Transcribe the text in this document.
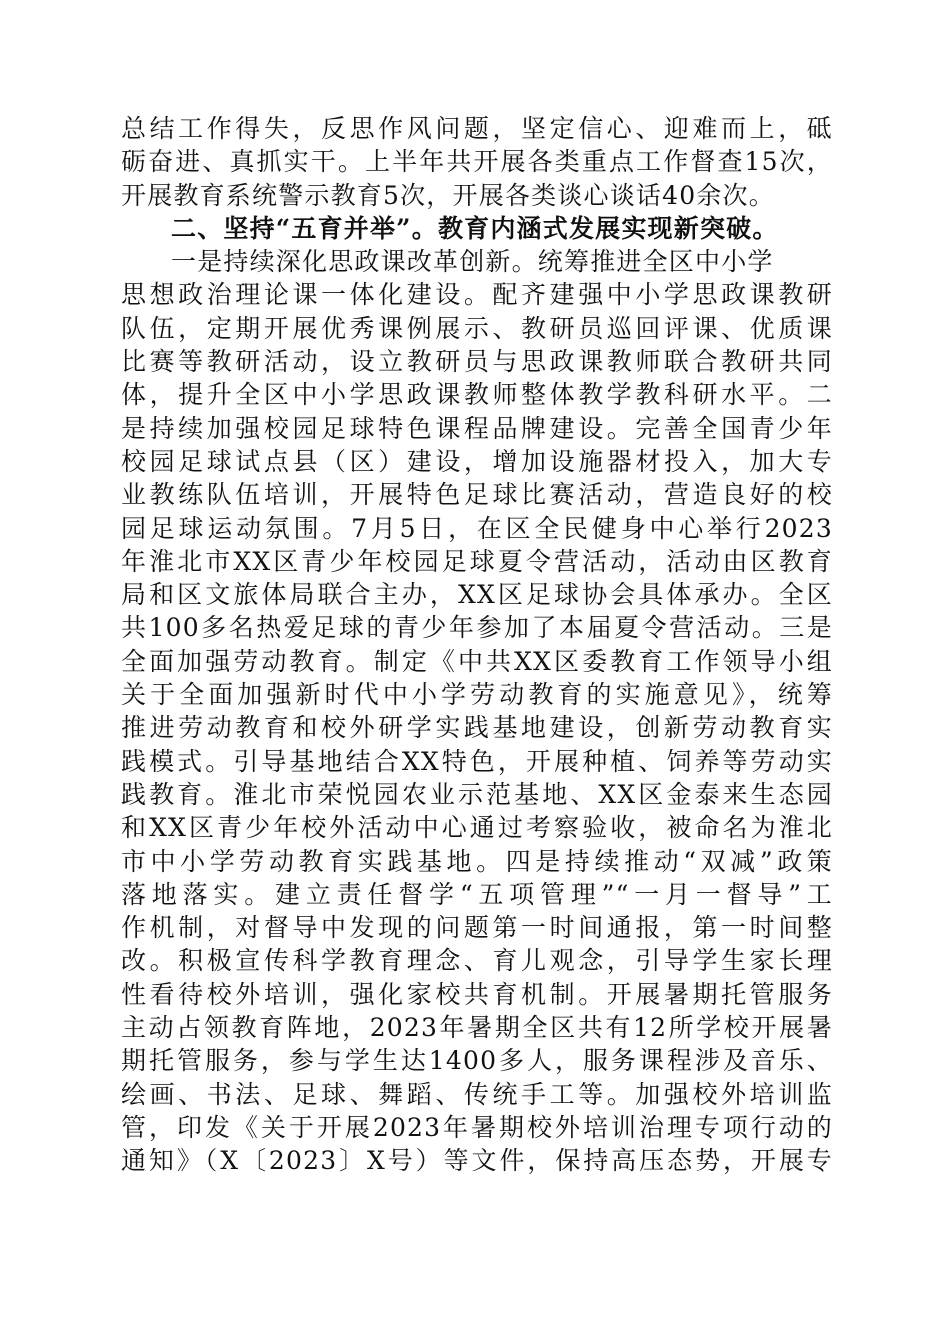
总结工作得失，反思作风问题，坚定信心、迎难而上，砥
砺奋进、真抓实干。上半年共开展各类重点工作督查15次，
开展教育系统警示教育5次，开展各类谈心谈话40余次。
二、坚持“五育并举”。教育内涵式发展实现新突破。
一是持续深化思政课改革创新。统筹推进全区中小学
思想政治理论课一体化建设。配齐建强中小学思政课教研
队伍，定期开展优秀课例展示、教研员巡回评课、优质课
比赛等教研活动，设立教研员与思政课教师联合教研共同
体，提升全区中小学思政课教师整体教学教科研水平。二
是持续加强校园足球特色课程品牌建设。完善全国青少年
校园足球试点县（区）建设，增加设施器材投入，加大专
业教练队伍培训，开展特色足球比赛活动，营造良好的校
园足球运动氛围。7月5日，在区全民健身中心举行2023
年淮北市XX区青少年校园足球夏令营活动，活动由区教育
局和区文旅体局联合主办，XX区足球协会具体承办。全区
共100多名热爱足球的青少年参加了本届夏令营活动。三是
全面加强劳动教育。制定《中共XX区委教育工作领导小组
关于全面加强新时代中小学劳动教育的实施意见》，统筹
推进劳动教育和校外研学实践基地建设，创新劳动教育实
践模式。引导基地结合XX特色，开展种植、饲养等劳动实
践教育。淮北市荣悦园农业示范基地、XX区金泰来生态园
和XX区青少年校外活动中心通过考察验收，被命名为淮北
市中小学劳动教育实践基地。四是持续推动“双减”政策
落地落实。建立责任督学“五项管理”“一月一督导”工
作机制，对督导中发现的问题第一时间通报，第一时间整
改。积极宣传科学教育理念、育儿观念，引导学生家长理
性看待校外培训，强化家校共育机制。开展暑期托管服务
主动占领教育阵地，2023年暑期全区共有12所学校开展暑
期托管服务，参与学生达1400多人，服务课程涉及音乐、
绘画、书法、足球、舞蹈、传统手工等。加强校外培训监
管，印发《关于开展2023年暑期校外培训治理专项行动的
通知》（X〔2023〕X号）等文件，保持高压态势，开展专
